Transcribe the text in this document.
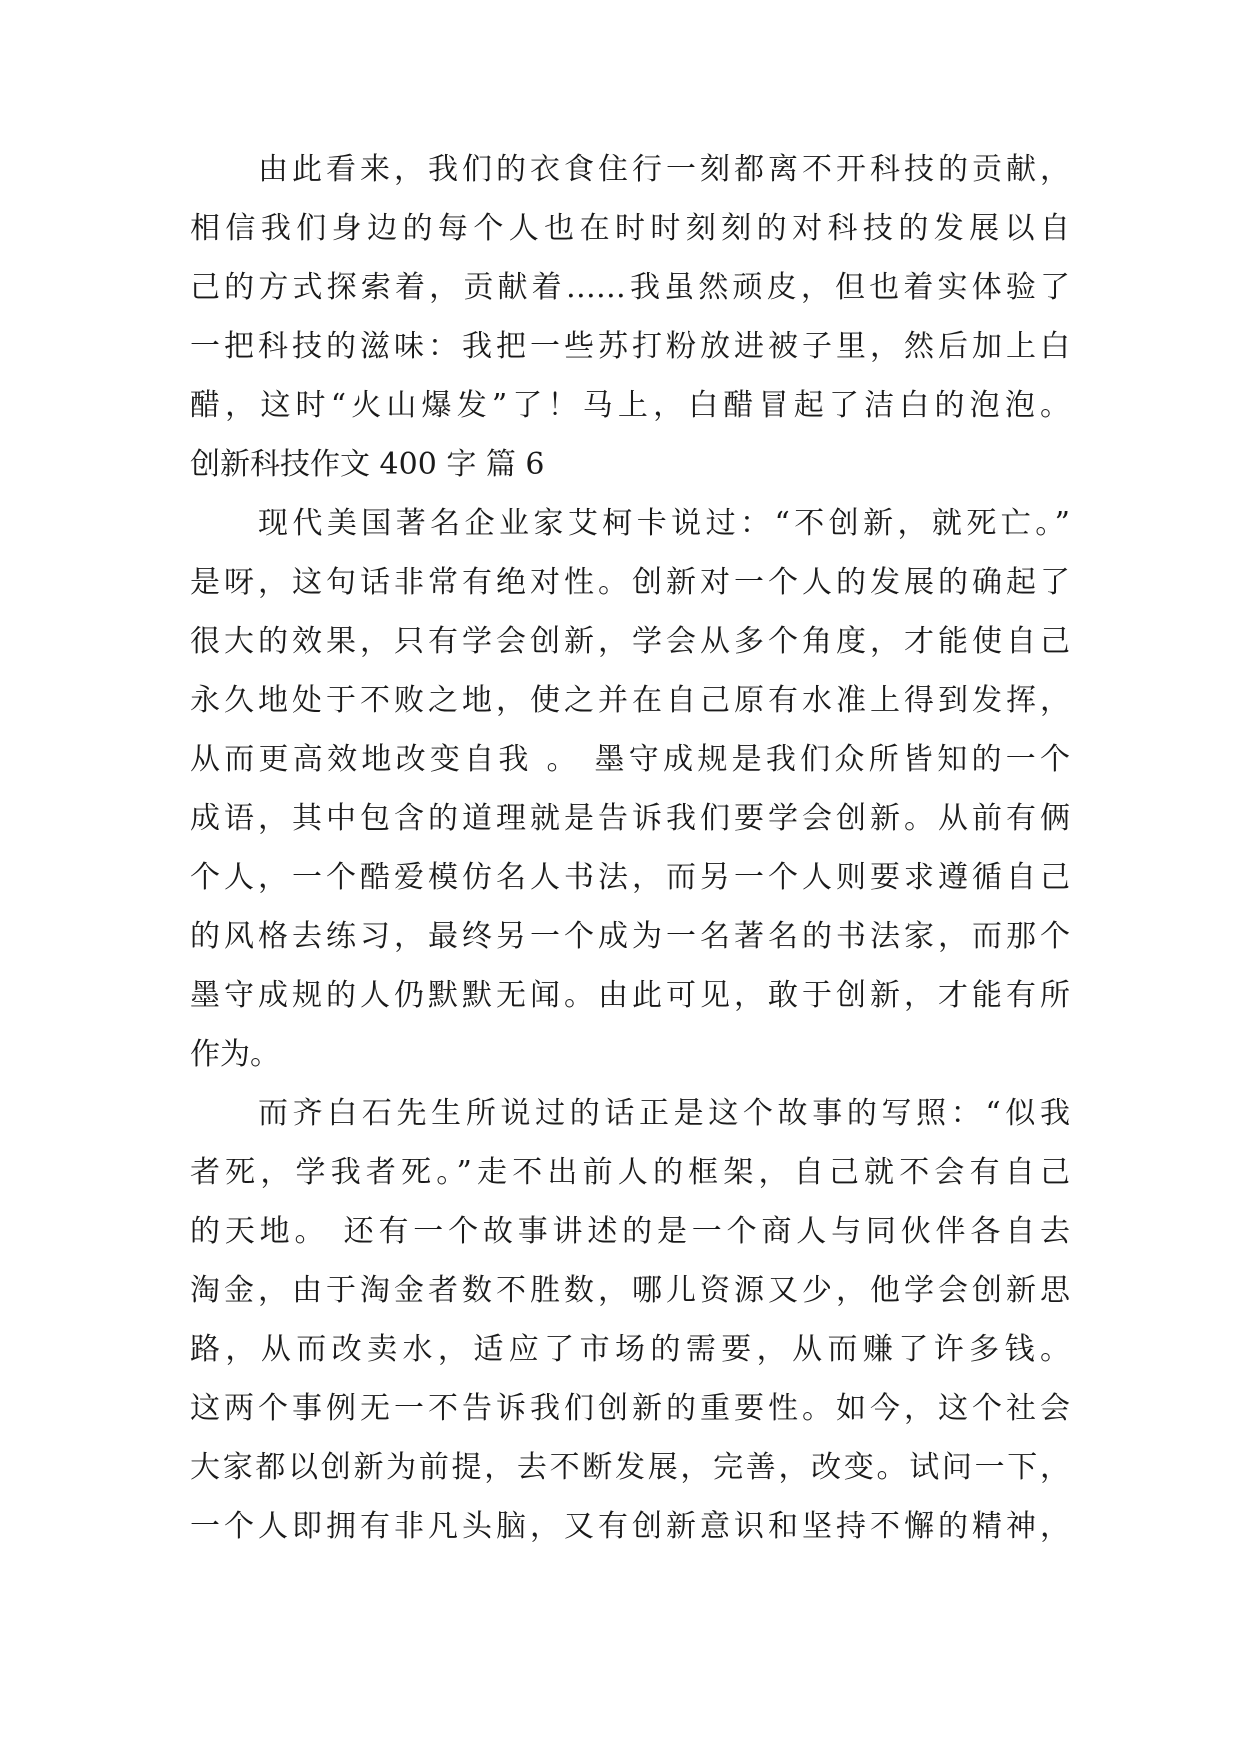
由此看来，我们的衣食住行一刻都离不开科技的贡献，
相信我们身边的每个人也在时时刻刻的对科技的发展以自
己的方式探索着，贡献着……我虽然顽皮，但也着实体验了
一把科技的滋味：我把一些苏打粉放进被子里，然后加上白
醋，这时“火山爆发”了！马上，白醋冒起了洁白的泡泡。
创新科技作文 400 字 篇 6
现代美国著名企业家艾柯卡说过：“不创新，就死亡。”
是呀，这句话非常有绝对性。创新对一个人的发展的确起了
很大的效果，只有学会创新，学会从多个角度，才能使自己
永久地处于不败之地，使之并在自己原有水准上得到发挥，
从而更高效地改变自我 。 墨守成规是我们众所皆知的一个
成语，其中包含的道理就是告诉我们要学会创新。从前有俩
个人，一个酷爱模仿名人书法，而另一个人则要求遵循自己
的风格去练习，最终另一个成为一名著名的书法家，而那个
墨守成规的人仍默默无闻。由此可见，敢于创新，才能有所
作为。
而齐白石先生所说过的话正是这个故事的写照：“似我
者死，学我者死。”走不出前人的框架，自己就不会有自己
的天地。 还有一个故事讲述的是一个商人与同伙伴各自去
淘金，由于淘金者数不胜数，哪儿资源又少，他学会创新思
路，从而改卖水，适应了市场的需要，从而赚了许多钱。
这两个事例无一不告诉我们创新的重要性。如今，这个社会
大家都以创新为前提，去不断发展，完善，改变。试问一下，
一个人即拥有非凡头脑，又有创新意识和坚持不懈的精神，
